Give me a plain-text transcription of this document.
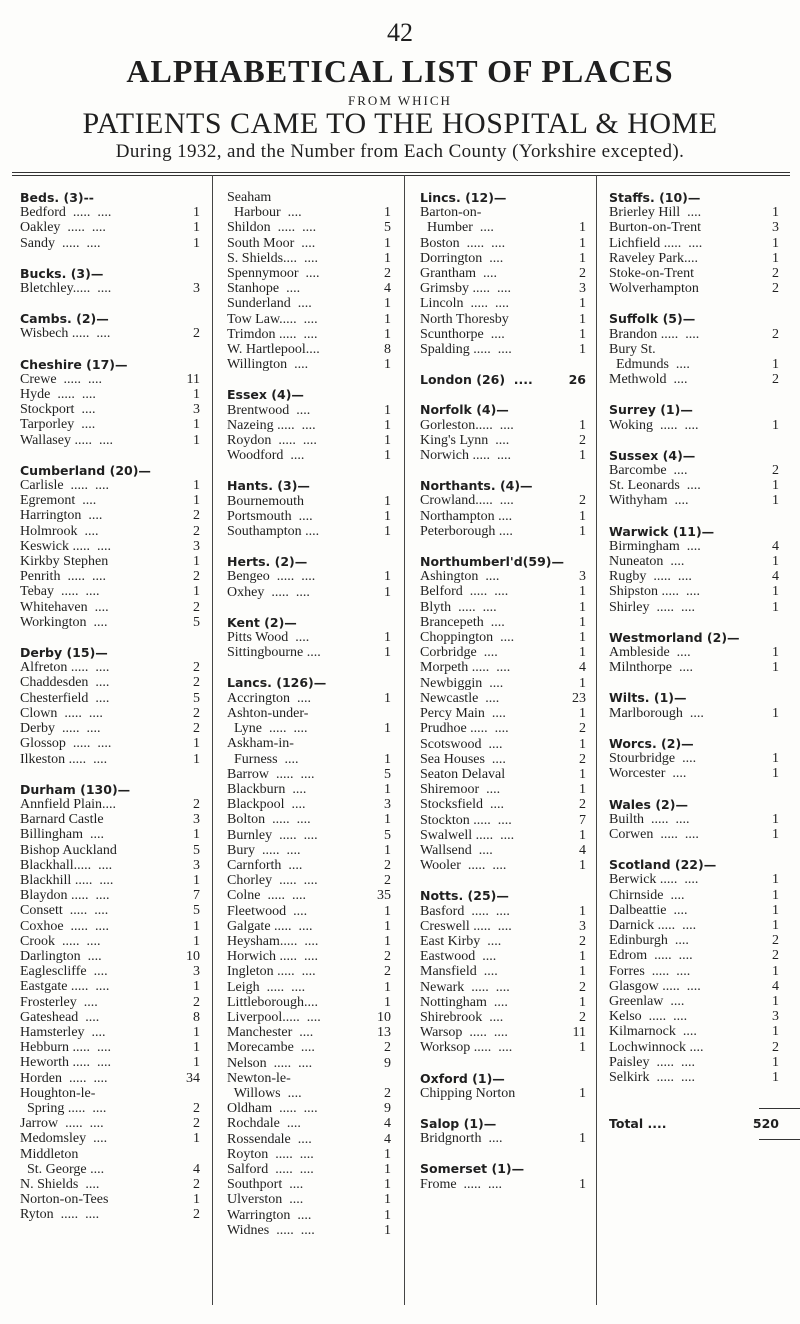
42
ALPHABETICAL LIST OF PLACES
FROM WHICH
PATIENTS CAME TO THE HOSPITAL & HOME
During 1932, and the Number from Each County (Yorkshire excepted).
Beds. (3)--
Bedford  .....  ....	1
Oakley  .....  ....	1
Sandy  .....  ....	1
Bucks. (3)—
Bletchley.....  ....	3
Cambs. (2)—
Wisbech .....  ....	2
Cheshire (17)—
Crewe  .....  ....	11
Hyde  .....  ....	1
Stockport  ....	3
Tarporley  ....	1
Wallasey .....  ....	1
Cumberland (20)—
Carlisle  .....  ....	1
Egremont  ....	1
Harrington  ....	2
Holmrook  ....	2
Keswick .....  ....	3
Kirkby Stephen	1
Penrith  .....  ....	2
Tebay  .....  ....	1
Whitehaven  ....	2
Workington  ....	5
Derby (15)—
Alfreton .....  ....	2
Chaddesden  ....	2
Chesterfield  ....	5
Clown  .....  ....	2
Derby  .....  ....	2
Glossop  .....  ....	1
Ilkeston .....  ....	1
Durham (130)—
Annfield Plain....	2
Barnard Castle	3
Billingham  ....	1
Bishop Auckland	5
Blackhall.....  ....	3
Blackhill .....  ....	1
Blaydon .....  ....	7
Consett  .....  ....	5
Coxhoe  .....  ....	1
Crook  .....  ....	1
Darlington  ....	10
Eaglescliffe  ....	3
Eastgate .....  ....	1
Frosterley  ....	2
Gateshead  ....	8
Hamsterley  ....	1
Hebburn .....  ....	1
Heworth .....  ....	1
Horden  .....  ....	34
Houghton-le-
Spring .....  ....	2
Jarrow  .....  ....	2
Medomsley  ....	1
Middleton
St. George ....	4
N. Shields  ....	2
Norton-on-Tees	1
Ryton  .....  ....	2
Seaham
Harbour  ....	1
Shildon  .....  ....	5
South Moor  ....	1
S. Shields....  ....	1
Spennymoor  ....	2
Stanhope  ....	4
Sunderland  ....	1
Tow Law.....  ....	1
Trimdon .....  ....	1
W. Hartlepool....	8
Willington  ....	1
Essex (4)—
Brentwood  ....	1
Nazeing .....  ....	1
Roydon  .....  ....	1
Woodford  ....	1
Hants. (3)—
Bournemouth	1
Portsmouth  ....	1
Southampton ....	1
Herts. (2)—
Bengeo  .....  ....	1
Oxhey  .....  ....	1
Kent (2)—
Pitts Wood  ....	1
Sittingbourne ....	1
Lancs. (126)—
Accrington  ....	1
Ashton-under-
Lyne  .....  ....	1
Askham-in-
Furness  ....	1
Barrow  .....  ....	5
Blackburn  ....	1
Blackpool  ....	3
Bolton  .....  ....	1
Burnley  .....  ....	5
Bury  .....  ....	1
Carnforth  ....	2
Chorley  .....  ....	2
Colne  .....  ....	35
Fleetwood  ....	1
Galgate .....  ....	1
Heysham.....  ....	1
Horwich .....  ....	2
Ingleton .....  ....	2
Leigh  .....  ....	1
Littleborough....	1
Liverpool.....  ....	10
Manchester  ....	13
Morecambe  ....	2
Nelson  .....  ....	9
Newton-le-
Willows  ....	2
Oldham  .....  ....	9
Rochdale  ....	4
Rossendale  ....	4
Royton  .....  ....	1
Salford  .....  ....	1
Southport  ....	1
Ulverston  ....	1
Warrington  ....	1
Widnes  .....  ....	1
Lincs. (12)—
Barton-on-
Humber  ....	1
Boston  .....  ....	1
Dorrington  ....	1
Grantham  ....	2
Grimsby .....  ....	3
Lincoln  .....  ....	1
North Thoresby	1
Scunthorpe  ....	1
Spalding .....  ....	1
London (26)  ....	26
Norfolk (4)—
Gorleston.....  ....	1
King's Lynn  ....	2
Norwich .....  ....	1
Northants. (4)—
Crowland.....  ....	2
Northampton ....	1
Peterborough ....	1
Northumberl'd(59)—
Ashington  ....	3
Belford  .....  ....	1
Blyth  .....  ....	1
Brancepeth  ....	1
Choppington  ....	1
Corbridge  ....	1
Morpeth .....  ....	4
Newbiggin  ....	1
Newcastle  ....	23
Percy Main  ....	1
Prudhoe .....  ....	2
Scotswood  ....	1
Sea Houses  ....	2
Seaton Delaval	1
Shiremoor  ....	1
Stocksfield  ....	2
Stockton .....  ....	7
Swalwell .....  ....	1
Wallsend  ....	4
Wooler  .....  ....	1
Notts. (25)—
Basford  .....  ....	1
Creswell .....  ....	3
East Kirby  ....	2
Eastwood  ....	1
Mansfield  ....	1
Newark  .....  ....	2
Nottingham  ....	1
Shirebrook  ....	2
Warsop  .....  ....	11
Worksop .....  ....	1
Oxford (1)—
Chipping Norton	1
Salop (1)—
Bridgnorth  ....	1
Somerset (1)—
Frome  .....  ....	1
Staffs. (10)—
Brierley Hill  ....	1
Burton-on-Trent	3
Lichfield .....  ....	1
Raveley Park....	1
Stoke-on-Trent	2
Wolverhampton	2
Suffolk (5)—
Brandon .....  ....	2
Bury St.
Edmunds  ....	1
Methwold  ....	2
Surrey (1)—
Woking  .....  ....	1
Sussex (4)—
Barcombe  ....	2
St. Leonards  ....	1
Withyham  ....	1
Warwick (11)—
Birmingham  ....	4
Nuneaton  ....	1
Rugby  .....  ....	4
Shipston .....  ....	1
Shirley  .....  ....	1
Westmorland (2)—
Ambleside  ....	1
Milnthorpe  ....	1
Wilts. (1)—
Marlborough  ....	1
Worcs. (2)—
Stourbridge  ....	1
Worcester  ....	1
Wales (2)—
Builth  .....  ....	1
Corwen  .....  ....	1
Scotland (22)—
Berwick .....  ....	1
Chirnside  ....	1
Dalbeattie  ....	1
Darnick .....  ....	1
Edinburgh  ....	2
Edrom  .....  ....	2
Forres  .....  ....	1
Glasgow .....  ....	4
Greenlaw  ....	1
Kelso  .....  ....	3
Kilmarnock  ....	1
Lochwinnock ....	2
Paisley  .....  ....	1
Selkirk  .....  ....	1
Total ....	520
